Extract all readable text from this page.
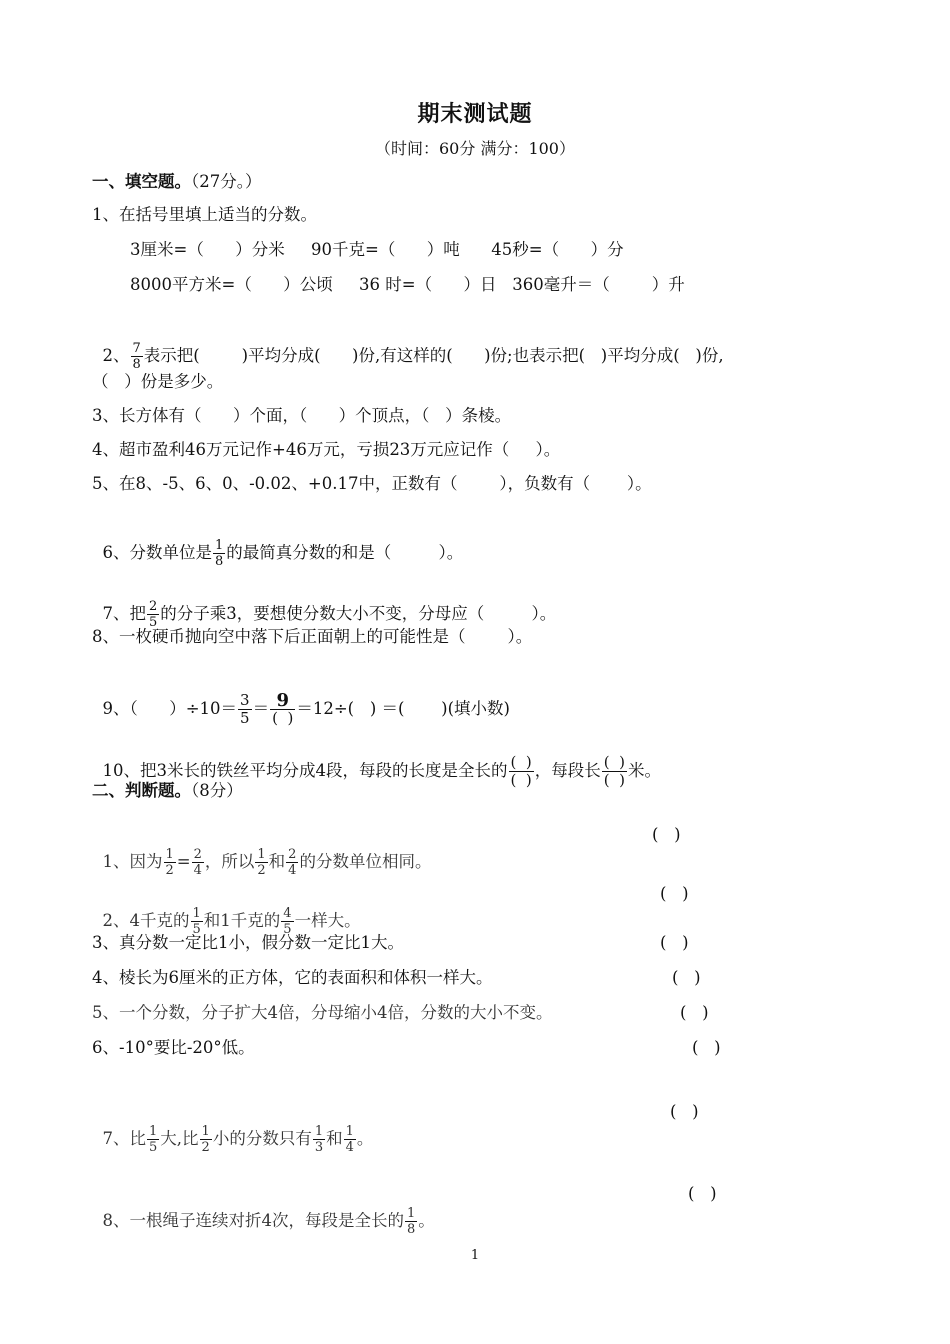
期末测试题
（时间：60分 满分：100）
一、填空题。（27分。）
1、在括号里填上适当的分数。
3厘米=（      ）分米     90千克=（      ）吨      45秒=（      ）分
8000平方米=（      ）公顷     36 时=（      ）日   360毫升＝（        ）升

2、 $\frac{7}{8}$ 表示把(        )平均分成(      )份,有这样的(      )份;也表示把(   )平均分成(   )份,

（   ）份是多少。
3、长方体有（      ）个面，（      ）个顶点，（   ）条棱。
4、超市盈利46万元记作+46万元，亏损23万元应记作（     ）。
5、在8、-5、6、0、-0.02、+0.17中，正数有（        ），负数有（       ）。

6、分数单位是 $\frac{1}{8}$ 的最简真分数的和是（         ）。

7、把 $\frac{2}{5}$ 的分子乘3，要想使分数大小不变，分母应（         ）。

8、一枚硬币抛向空中落下后正面朝上的可能性是（        ）。

9、（      ）$\div 10= \frac{3}{5} = \frac{9}{( )} =12\div$(   ) ＝(       )(填小数)

10、把3米长的铁丝平均分成4段，每段的长度是全长的 $\frac{( )}{( )}$ ，每段长 $\frac{( )}{( )}$ 米。

二、判断题。（8分）

1、因为 $\frac{1}{2} = \frac{2}{4}$ ，所以 $\frac{1}{2}$ 和 $\frac{2}{4}$ 的分数单位相同。

(   )

2、4千克的 $\frac{1}{5}$ 和1千克的 $\frac{4}{5}$ 一样大。

(   )
3、真分数一定比1小，假分数一定比1大。	(   )
4、棱长为6厘米的正方体，它的表面积和体积一样大。	(   )
5、一个分数，分子扩大4倍，分母缩小4倍，分数的大小不变。	(   )
6、-10°要比-20°低。	(   )

7、比 $\frac{1}{5}$ 大,比 $\frac{1}{2}$ 小的分数只有 $\frac{1}{3}$ 和 $\frac{1}{4}$ 。

(   )

8、一根绳子连续对折4次，每段是全长的 $\frac{1}{8}$ 。

(   )
1
